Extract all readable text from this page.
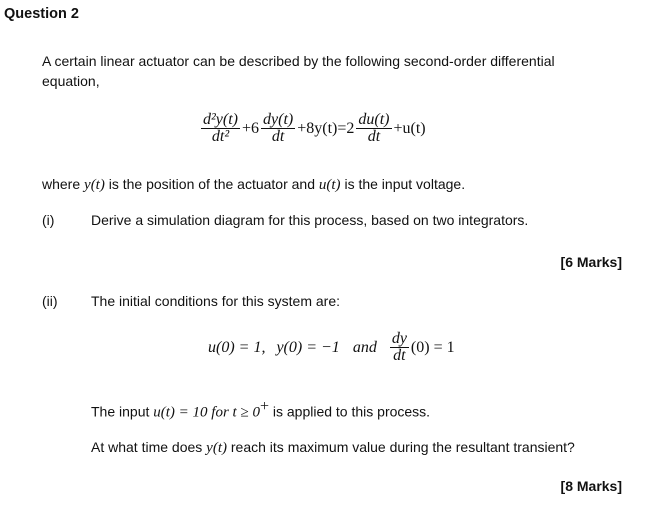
Question 2
A certain linear actuator can be described by the following second-order differential
equation,
$\frac{\text{d²y(t)}}{\text{dt²}} +6 \frac{dy(t)}{dt} +8y(t)=2 \frac{du(t)}{dt} +u(t)$
where y(t) is the position of the actuator and u(t) is the input voltage.
(i)	Derive a simulation diagram for this process, based on two integrators.
[6 Marks]
(ii) The initial conditions for this system are:
u(0) = 1, y(0) = −1 and $\frac{dy}{dt} (0) = 1$
The input u(t) = 10 for t ≥ 0+ is applied to this process.
At what time does y(t) reach its maximum value during the resultant transient?
[8 Marks]
